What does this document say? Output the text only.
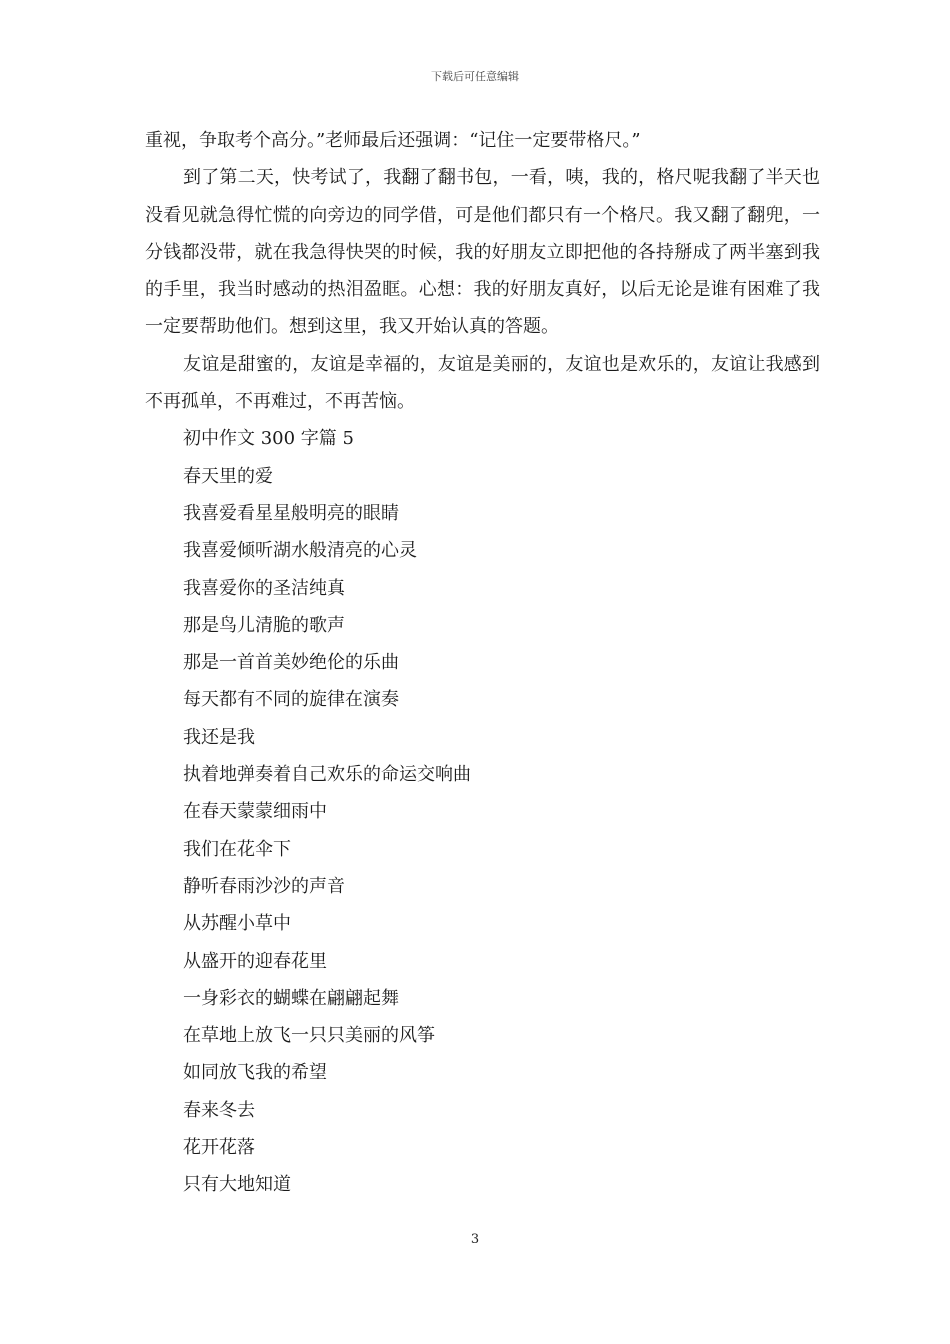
下载后可任意编辑

重视，争取考个高分。”老师最后还强调：“记住一定要带格尺。”

到了第二天，快考试了，我翻了翻书包，一看，咦，我的，格尺呢我翻了半天也没看见就急得忙慌的向旁边的同学借，可是他们都只有一个格尺。我又翻了翻兜，一分钱都没带，就在我急得快哭的时候，我的好朋友立即把他的各持掰成了两半塞到我的手里，我当时感动的热泪盈眶。心想：我的好朋友真好，以后无论是谁有困难了我一定要帮助他们。想到这里，我又开始认真的答题。

友谊是甜蜜的，友谊是幸福的，友谊是美丽的，友谊也是欢乐的，友谊让我感到不再孤单，不再难过，不再苦恼。

初中作文 300 字篇 5

春天里的爱

我喜爱看星星般明亮的眼睛

我喜爱倾听湖水般清亮的心灵

我喜爱你的圣洁纯真

那是鸟儿清脆的歌声

那是一首首美妙绝伦的乐曲

每天都有不同的旋律在演奏

我还是我

执着地弹奏着自己欢乐的命运交响曲

在春天蒙蒙细雨中

我们在花伞下

静听春雨沙沙的声音

从苏醒小草中

从盛开的迎春花里

一身彩衣的蝴蝶在翩翩起舞

在草地上放飞一只只美丽的风筝

如同放飞我的希望

春来冬去

花开花落

只有大地知道

3
